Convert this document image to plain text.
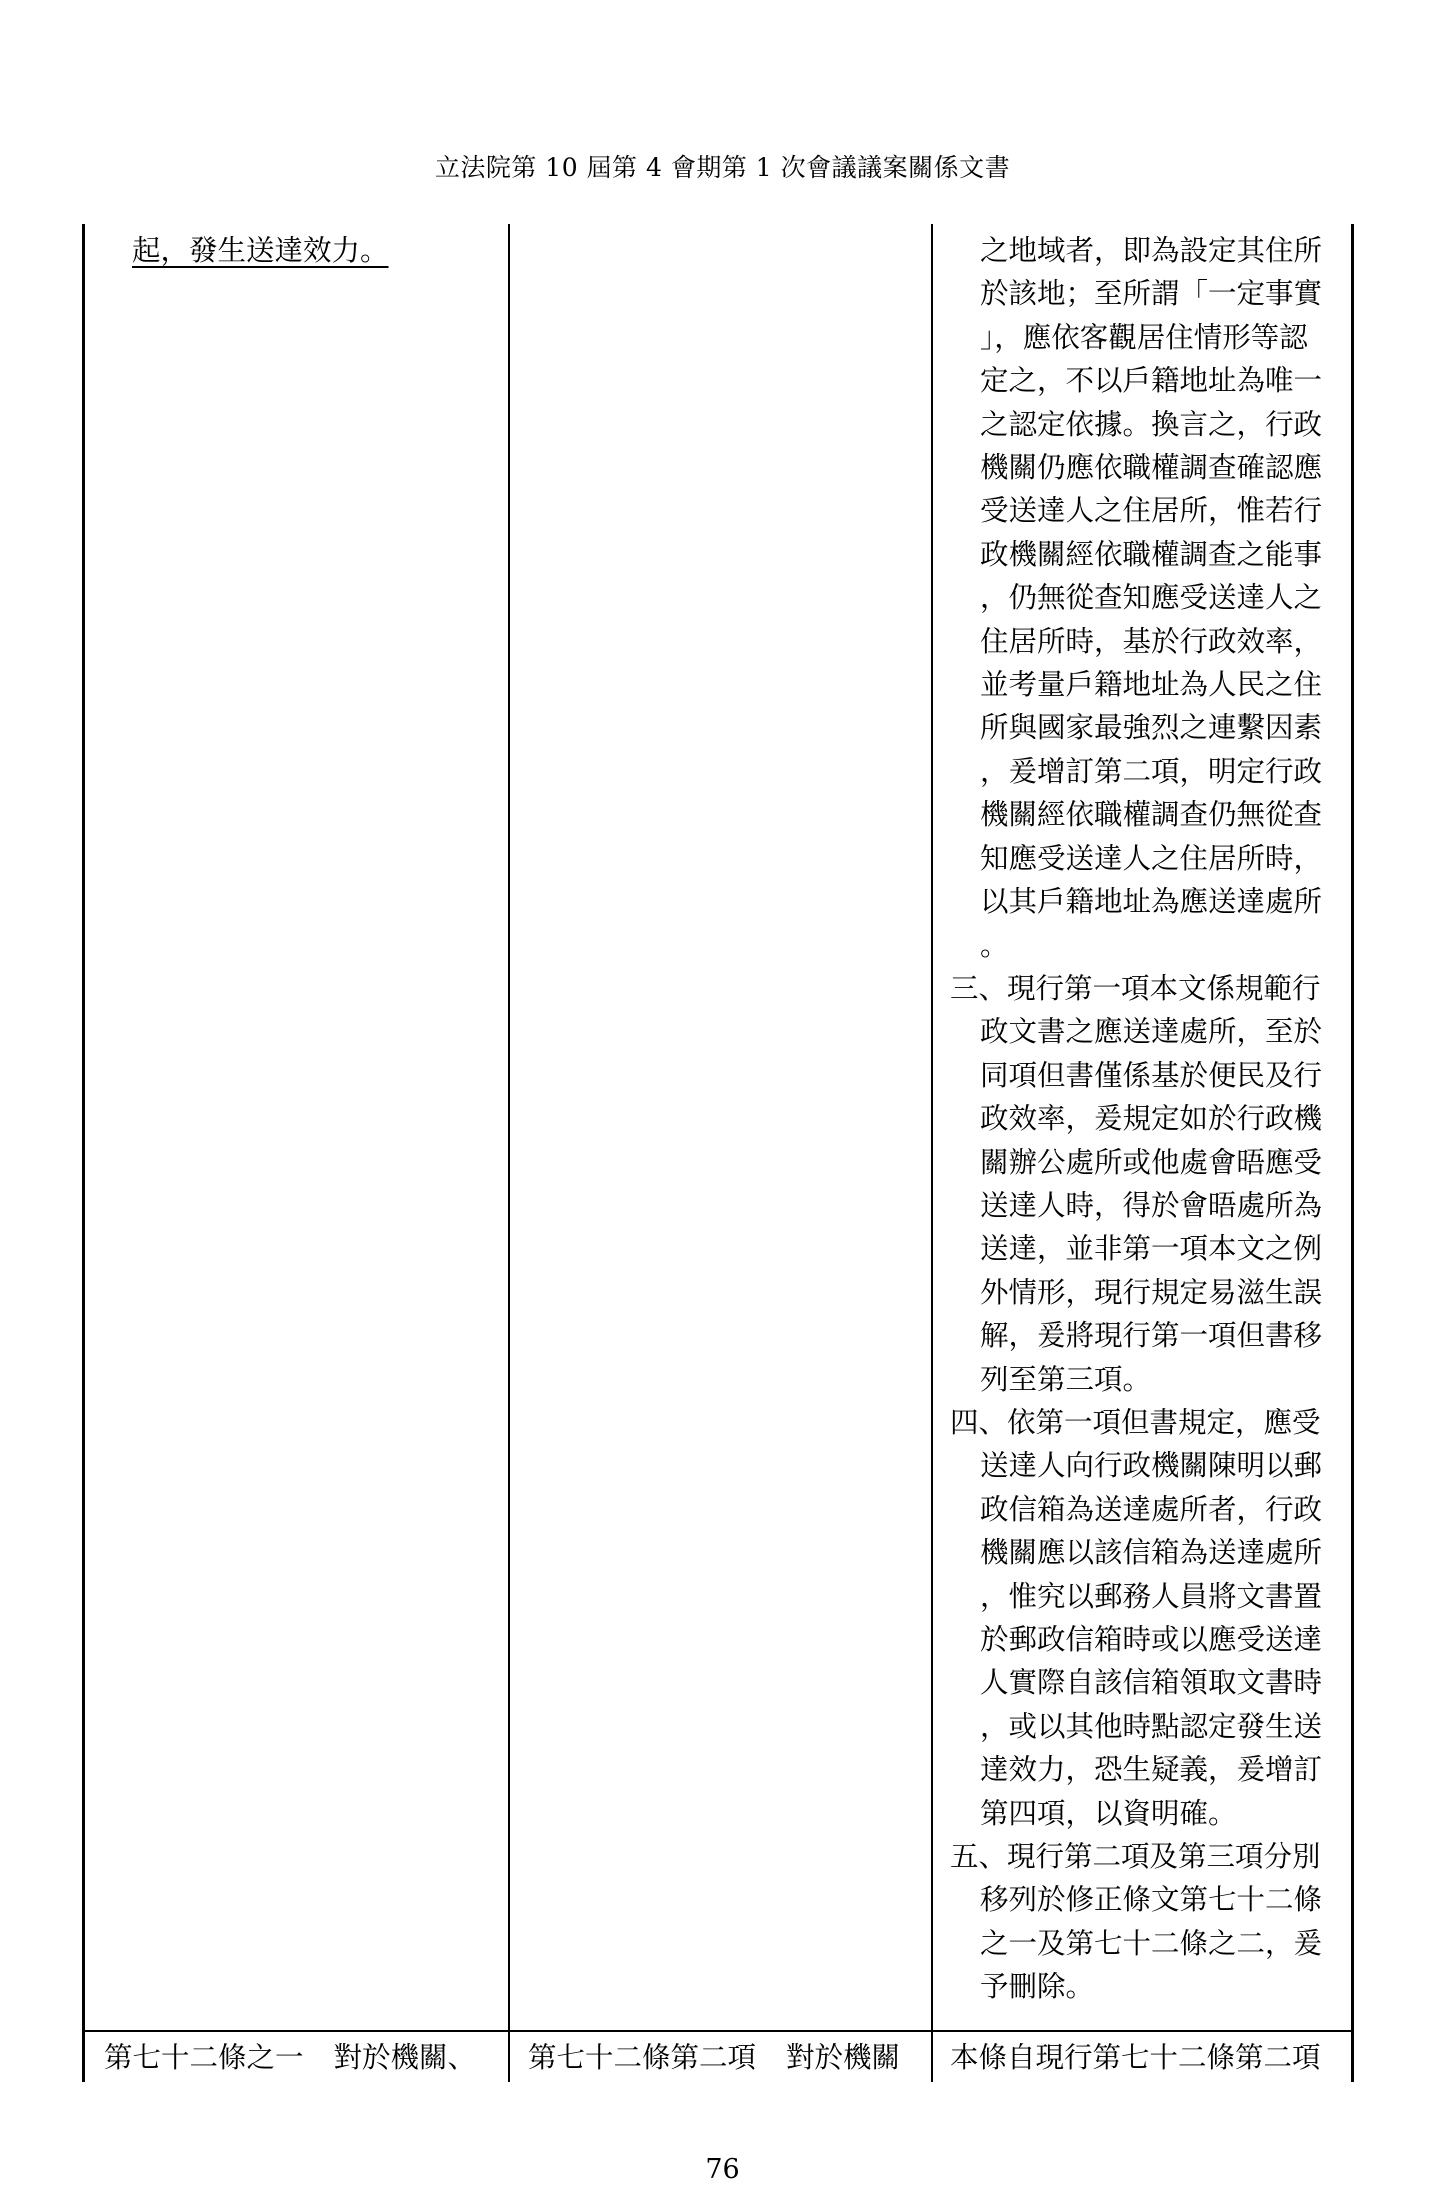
立法院第 10 屆第 4 會期第 1 次會議議案關係文書
起，發生送達效力。	之地域者，即為設定其住所
於該地；至所謂「一定事實
」，應依客觀居住情形等認
定之，不以戶籍地址為唯一
之認定依據。換言之，行政
機關仍應依職權調查確認應
受送達人之住居所，惟若行
政機關經依職權調查之能事
，仍無從查知應受送達人之
住居所時，基於行政效率，
並考量戶籍地址為人民之住
所與國家最強烈之連繫因素
，爰增訂第二項，明定行政
機關經依職權調查仍無從查
知應受送達人之住居所時，
以其戶籍地址為應送達處所
。
三、現行第一項本文係規範行
政文書之應送達處所，至於
同項但書僅係基於便民及行
政效率，爰規定如於行政機
關辦公處所或他處會晤應受
送達人時，得於會晤處所為
送達，並非第一項本文之例
外情形，現行規定易滋生誤
解，爰將現行第一項但書移
列至第三項。
四、依第一項但書規定，應受
送達人向行政機關陳明以郵
政信箱為送達處所者，行政
機關應以該信箱為送達處所
，惟究以郵務人員將文書置
於郵政信箱時或以應受送達
人實際自該信箱領取文書時
，或以其他時點認定發生送
達效力，恐生疑義，爰增訂
第四項，以資明確。
五、現行第二項及第三項分別
移列於修正條文第七十二條
之一及第七十二條之二，爰
予刪除。
第七十二條之一 對於機關、 第七十二條第二項 對於機關 本條自現行第七十二條第二項
76
